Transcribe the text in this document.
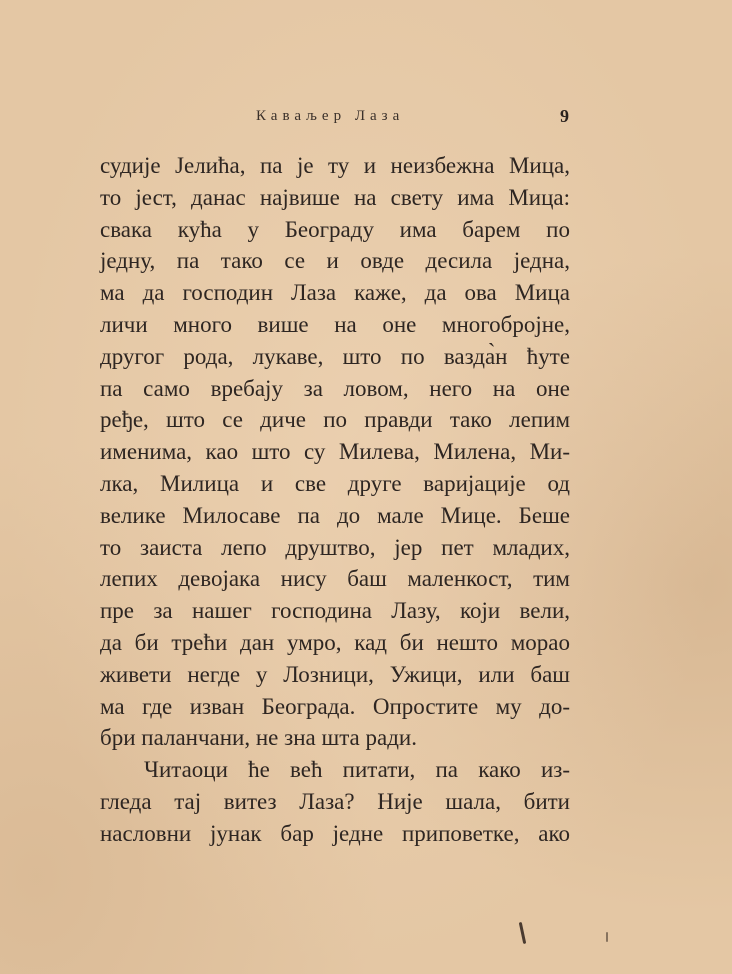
Каваљер Лаза	9
судије Јелића, па је ту и неизбежна Мица,
то јест, данас највише на свету има Мица:
свака кућа у Београду има барем по
једну, па тако се и овде десила једна,
ма да господин Лаза каже, да ова Мица
личи много више на оне многобројне,
другог рода, лукаве, што по вазда̀н ћуте
па само вребају за ловом, него на оне
ређе, што се диче по правди тако лепим
именима, као што су Милева, Милена, Ми-
лка, Милица и све друге варијације од
велике Милосаве па до мале Мице. Беше
то заиста лепо друштво, јер пет младих,
лепих девојака нису баш маленкост, тим
пре за нашег господина Лазу, који вели,
да би трећи дан умро, кад би нешто морао
живети негде у Лозници, Ужици, или баш
ма где изван Београда. Опростите му до-
бри паланчани, не зна шта ради.
Читаоци ће већ питати, па како из-
гледа тај витез Лаза? Није шала, бити
насловни јунак бар једне приповетке, ако
